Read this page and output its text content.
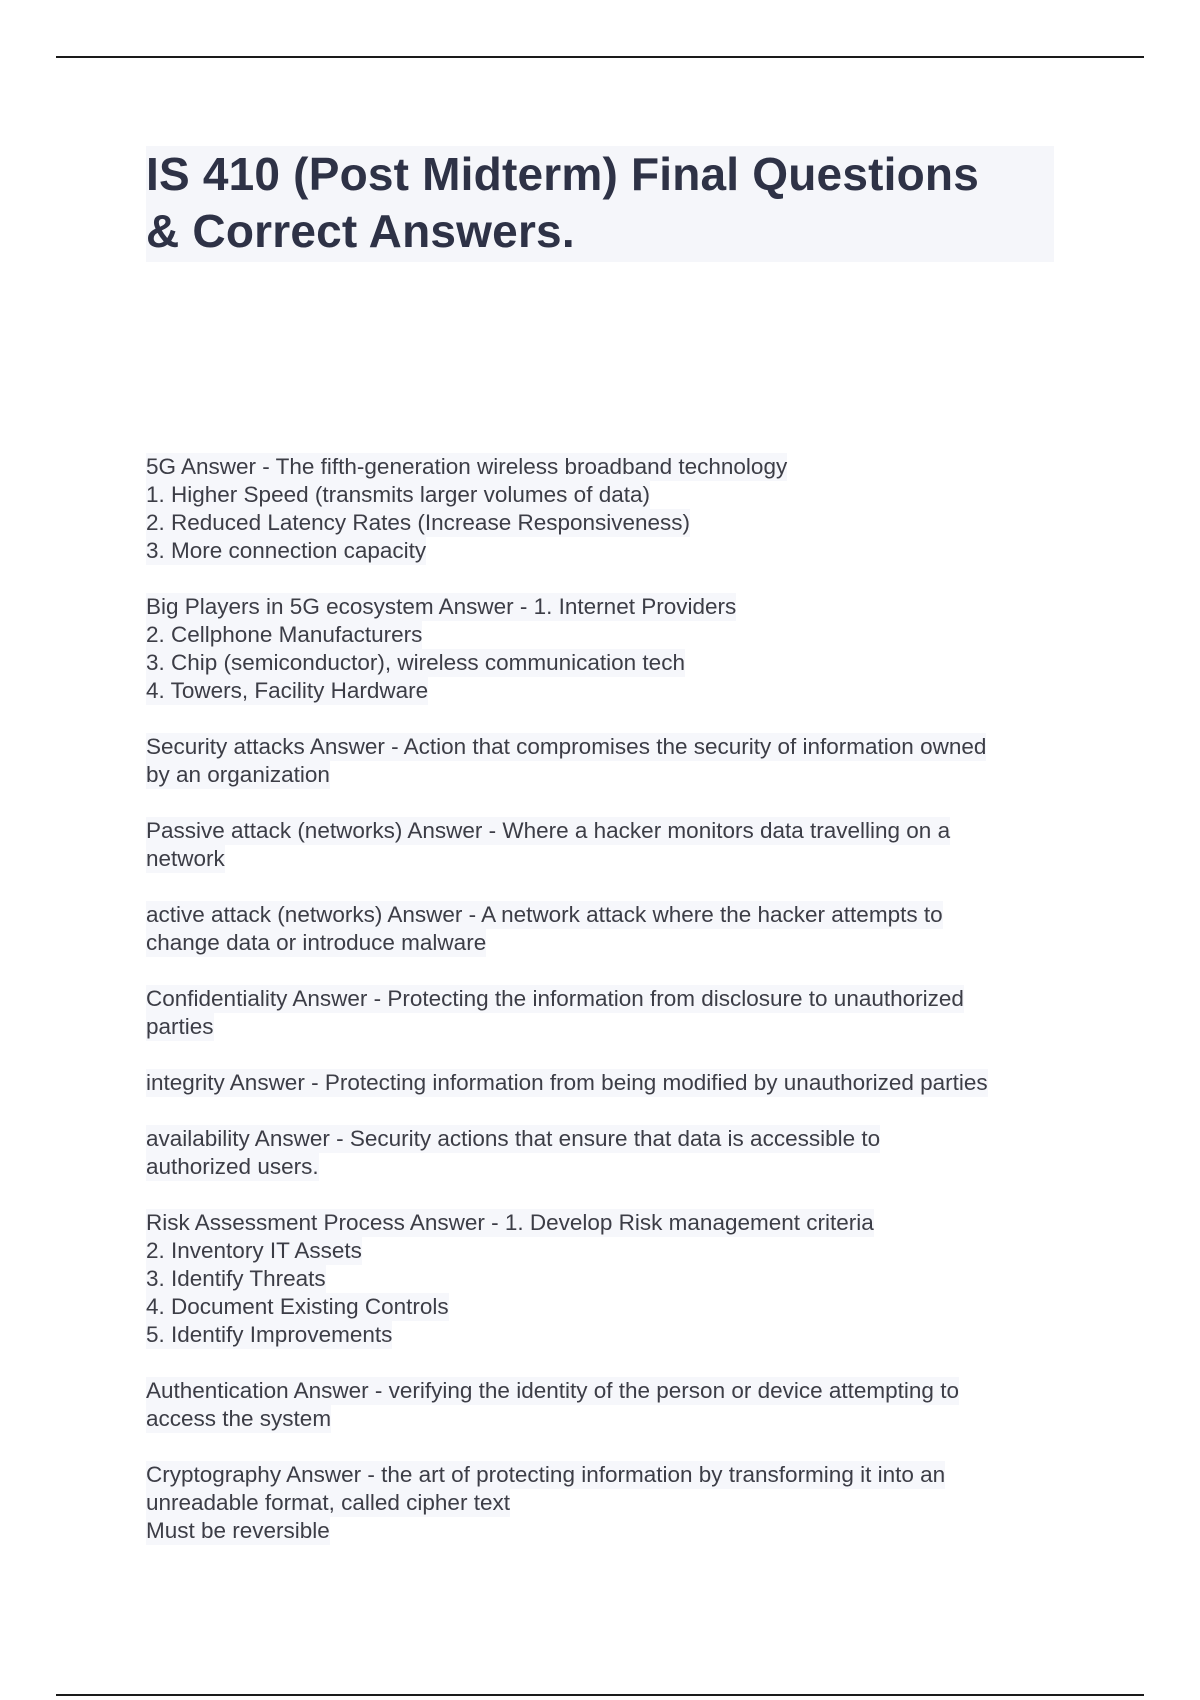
IS 410 (Post Midterm) Final Questions
& Correct Answers.
5G Answer - The fifth-generation wireless broadband technology
1. Higher Speed (transmits larger volumes of data)
2. Reduced Latency Rates (Increase Responsiveness)
3. More connection capacity
Big Players in 5G ecosystem Answer - 1. Internet Providers
2. Cellphone Manufacturers
3. Chip (semiconductor), wireless communication tech
4. Towers, Facility Hardware
Security attacks Answer - Action that compromises the security of information owned
by an organization
Passive attack (networks) Answer - Where a hacker monitors data travelling on a
network
active attack (networks) Answer - A network attack where the hacker attempts to
change data or introduce malware
Confidentiality Answer - Protecting the information from disclosure to unauthorized
parties
integrity Answer - Protecting information from being modified by unauthorized parties
availability Answer - Security actions that ensure that data is accessible to
authorized users.
Risk Assessment Process Answer - 1. Develop Risk management criteria
2. Inventory IT Assets
3. Identify Threats
4. Document Existing Controls
5. Identify Improvements
Authentication Answer - verifying the identity of the person or device attempting to
access the system
Cryptography Answer - the art of protecting information by transforming it into an
unreadable format, called cipher text
Must be reversible
